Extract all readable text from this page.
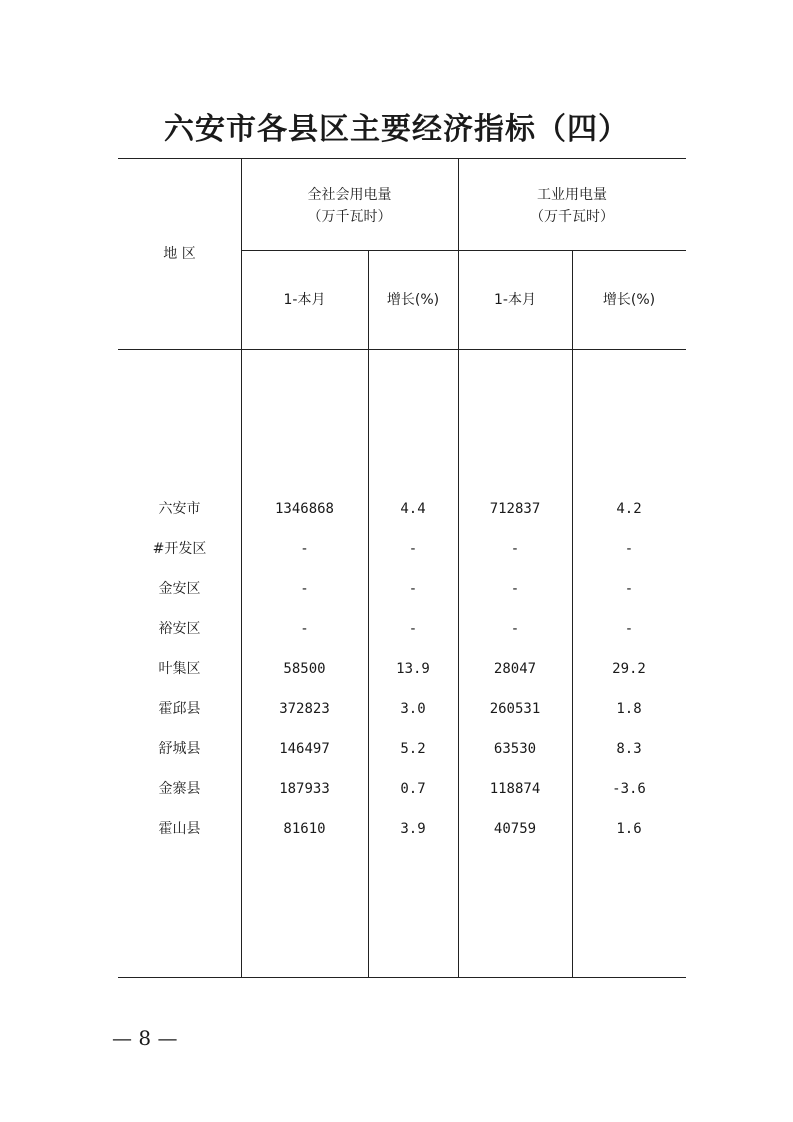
六安市各县区主要经济指标（四）
地 区
全社会用电量
（万千瓦时）
工业用电量
（万千瓦时）
1-本月	增长(%)	1-本月	增长(%)
六安市	1346868	4.4	712837	4.2
#开发区	-	-	-	-
金安区	-	-	-	-
裕安区	-	-	-	-
叶集区	58500	13.9	28047	29.2
霍邱县	372823	3.0	260531	1.8
舒城县	146497	5.2	63530	8.3
金寨县	187933	0.7	118874	-3.6
霍山县	81610	3.9	40759	1.6
— 8 —
